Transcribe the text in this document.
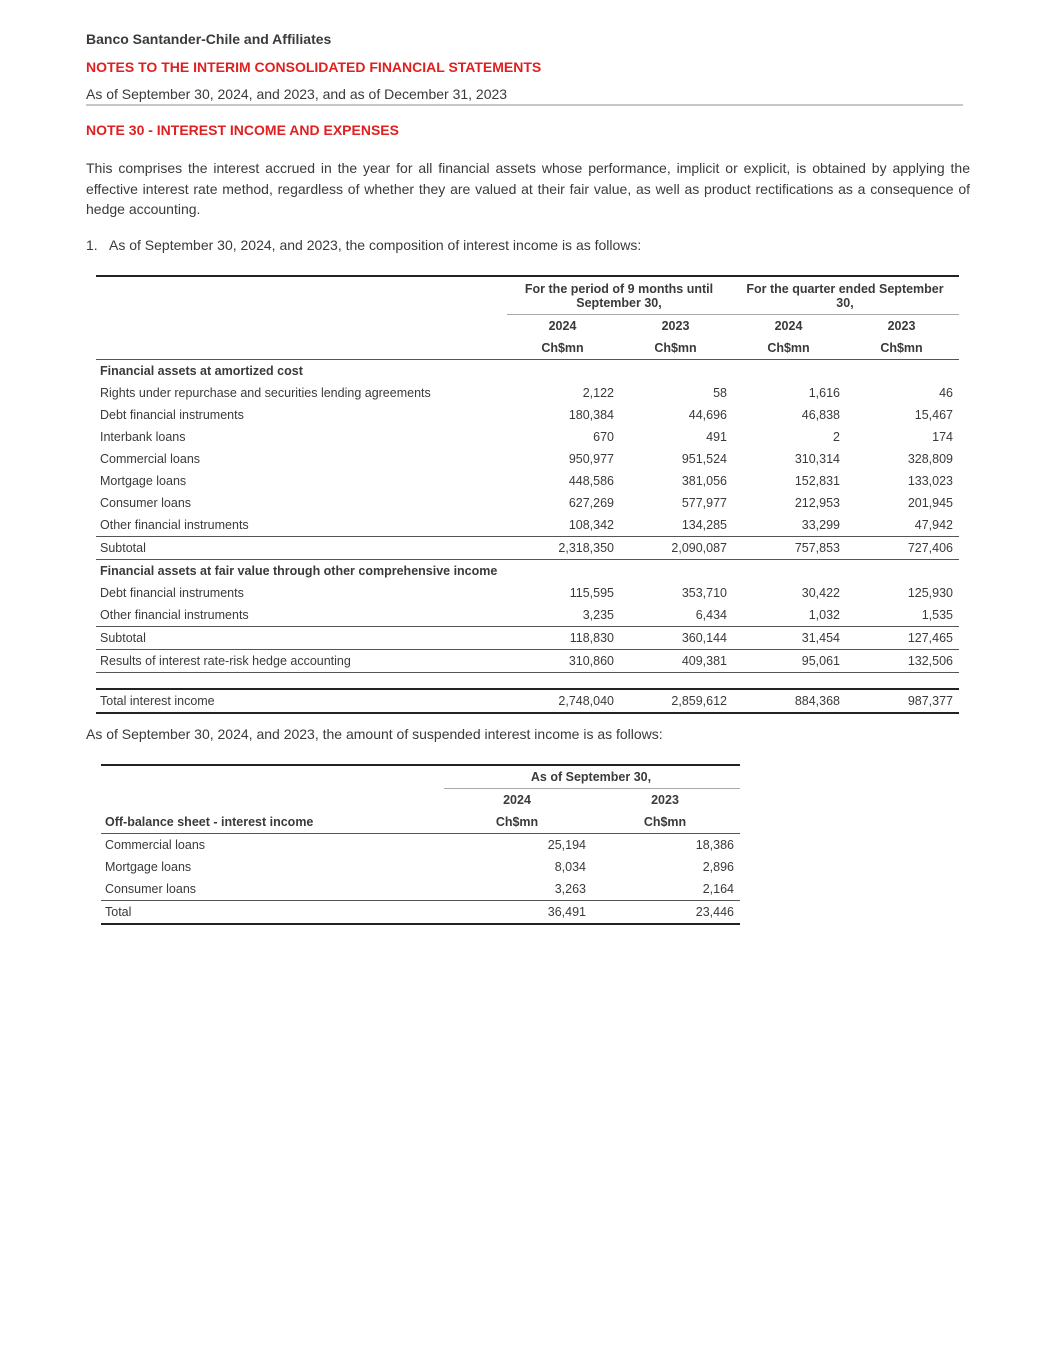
Banco Santander-Chile and Affiliates
NOTES TO THE INTERIM CONSOLIDATED FINANCIAL STATEMENTS
As of September 30, 2024, and 2023, and as of December 31, 2023
NOTE 30 - INTEREST INCOME AND EXPENSES
This comprises the interest accrued in the year for all financial assets whose performance, implicit or explicit, is obtained by applying the effective interest rate method, regardless of whether they are valued at their fair value, as well as product rectifications as a consequence of hedge accounting.
1. As of September 30, 2024, and 2023, the composition of interest income is as follows:
	For the period of 9 months until September 30,		For the quarter ended September 30,	
	2024	2023	2024	2023
	Ch$mn	Ch$mn	Ch$mn	Ch$mn
Financial assets at amortized cost				
Rights under repurchase and securities lending agreements	2,122	58	1,616	46
Debt financial instruments	180,384	44,696	46,838	15,467
Interbank loans	670	491	2	174
Commercial loans	950,977	951,524	310,314	328,809
Mortgage loans	448,586	381,056	152,831	133,023
Consumer loans	627,269	577,977	212,953	201,945
Other financial instruments	108,342	134,285	33,299	47,942
Subtotal	2,318,350	2,090,087	757,853	727,406
Financial assets at fair value through other comprehensive income				
Debt financial instruments	115,595	353,710	30,422	125,930
Other financial instruments	3,235	6,434	1,032	1,535
Subtotal	118,830	360,144	31,454	127,465
Results of interest rate-risk hedge accounting	310,860	409,381	95,061	132,506

Total interest income	2,748,040	2,859,612	884,368	987,377
As of September 30, 2024, and 2023, the amount of suspended interest income is as follows:
	As of September 30,	
	2024	2023
Off-balance sheet - interest income	Ch$mn	Ch$mn
Commercial loans	25,194	18,386
Mortgage loans	8,034	2,896
Consumer loans	3,263	2,164
Total	36,491	23,446
